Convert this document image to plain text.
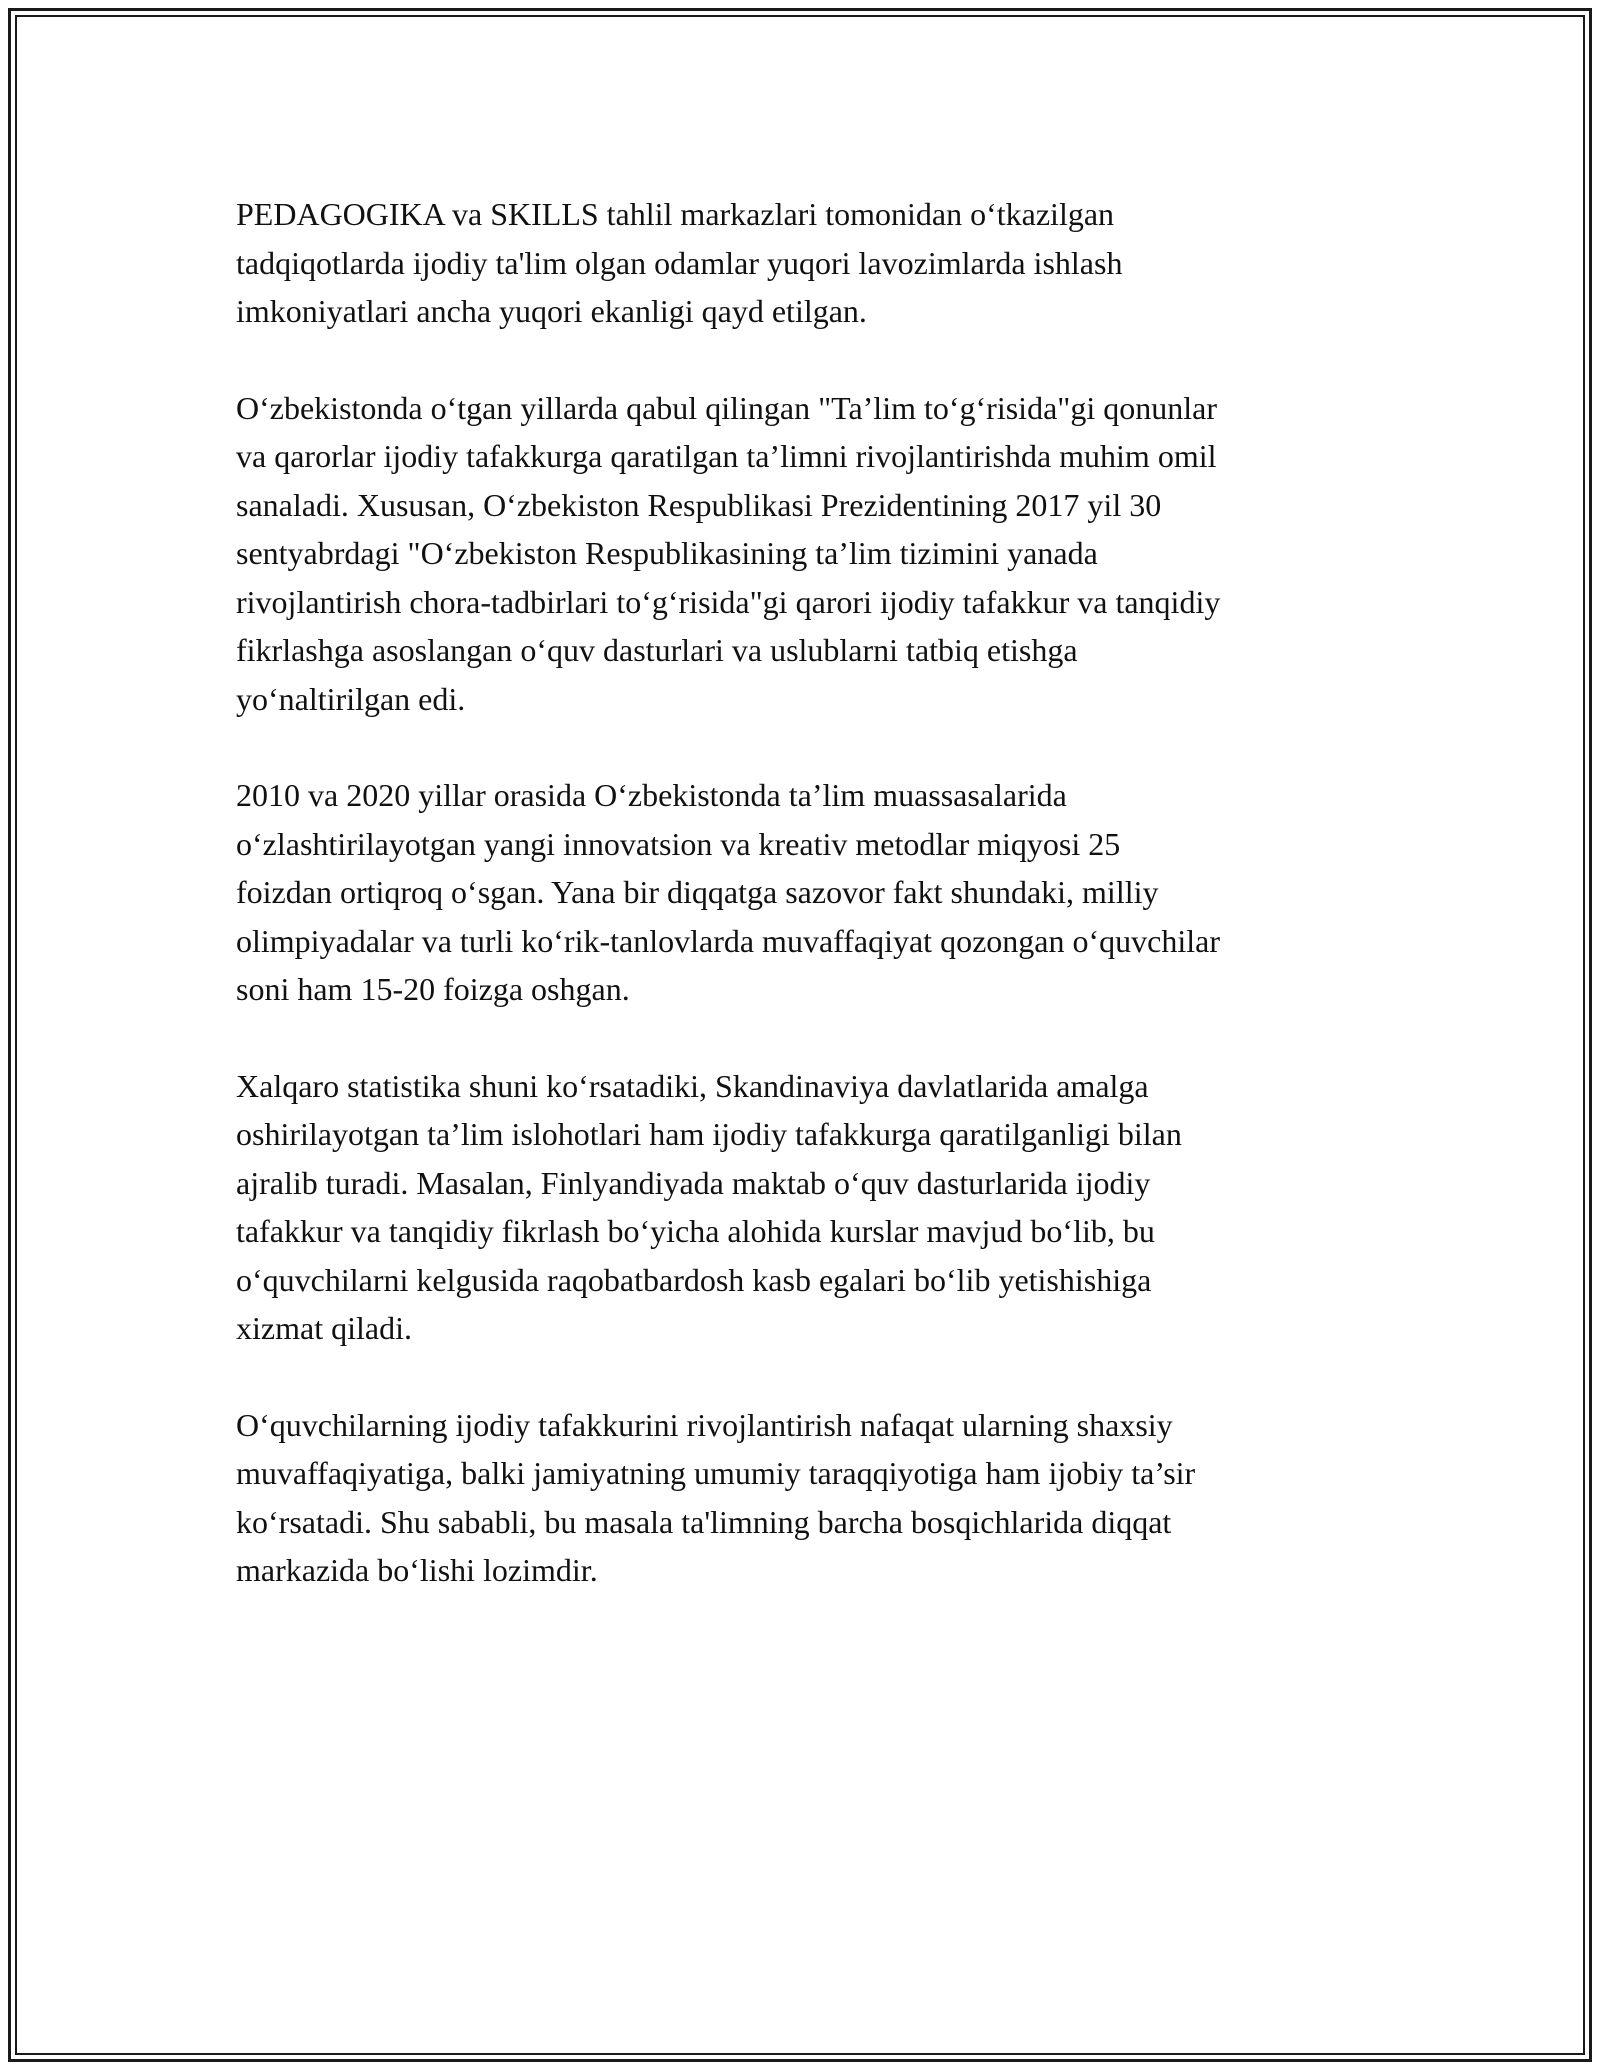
PEDAGOGIKA va SKILLS tahlil markazlari tomonidan o‘tkazilgan
tadqiqotlarda ijodiy ta'lim olgan odamlar yuqori lavozimlarda ishlash
imkoniyatlari ancha yuqori ekanligi qayd etilgan.

O‘zbekistonda o‘tgan yillarda qabul qilingan "Ta’lim to‘g‘risida"gi qonunlar
va qarorlar ijodiy tafakkurga qaratilgan ta’limni rivojlantirishda muhim omil
sanaladi. Xususan, O‘zbekiston Respublikasi Prezidentining 2017 yil 30
sentyabrdagi "O‘zbekiston Respublikasining ta’lim tizimini yanada
rivojlantirish chora-tadbirlari to‘g‘risida"gi qarori ijodiy tafakkur va tanqidiy
fikrlashga asoslangan o‘quv dasturlari va uslublarni tatbiq etishga
yo‘naltirilgan edi.

2010 va 2020 yillar orasida O‘zbekistonda ta’lim muassasalarida
o‘zlashtirilayotgan yangi innovatsion va kreativ metodlar miqyosi 25
foizdan ortiqroq o‘sgan. Yana bir diqqatga sazovor fakt shundaki, milliy
olimpiyadalar va turli ko‘rik-tanlovlarda muvaffaqiyat qozongan o‘quvchilar
soni ham 15-20 foizga oshgan.

Xalqaro statistika shuni ko‘rsatadiki, Skandinaviya davlatlarida amalga
oshirilayotgan ta’lim islohotlari ham ijodiy tafakkurga qaratilganligi bilan
ajralib turadi. Masalan, Finlyandiyada maktab o‘quv dasturlarida ijodiy
tafakkur va tanqidiy fikrlash bo‘yicha alohida kurslar mavjud bo‘lib, bu
o‘quvchilarni kelgusida raqobatbardosh kasb egalari bo‘lib yetishishiga
xizmat qiladi.

O‘quvchilarning ijodiy tafakkurini rivojlantirish nafaqat ularning shaxsiy
muvaffaqiyatiga, balki jamiyatning umumiy taraqqiyotiga ham ijobiy ta’sir
ko‘rsatadi. Shu sababli, bu masala ta'limning barcha bosqichlarida diqqat
markazida bo‘lishi lozimdir.
